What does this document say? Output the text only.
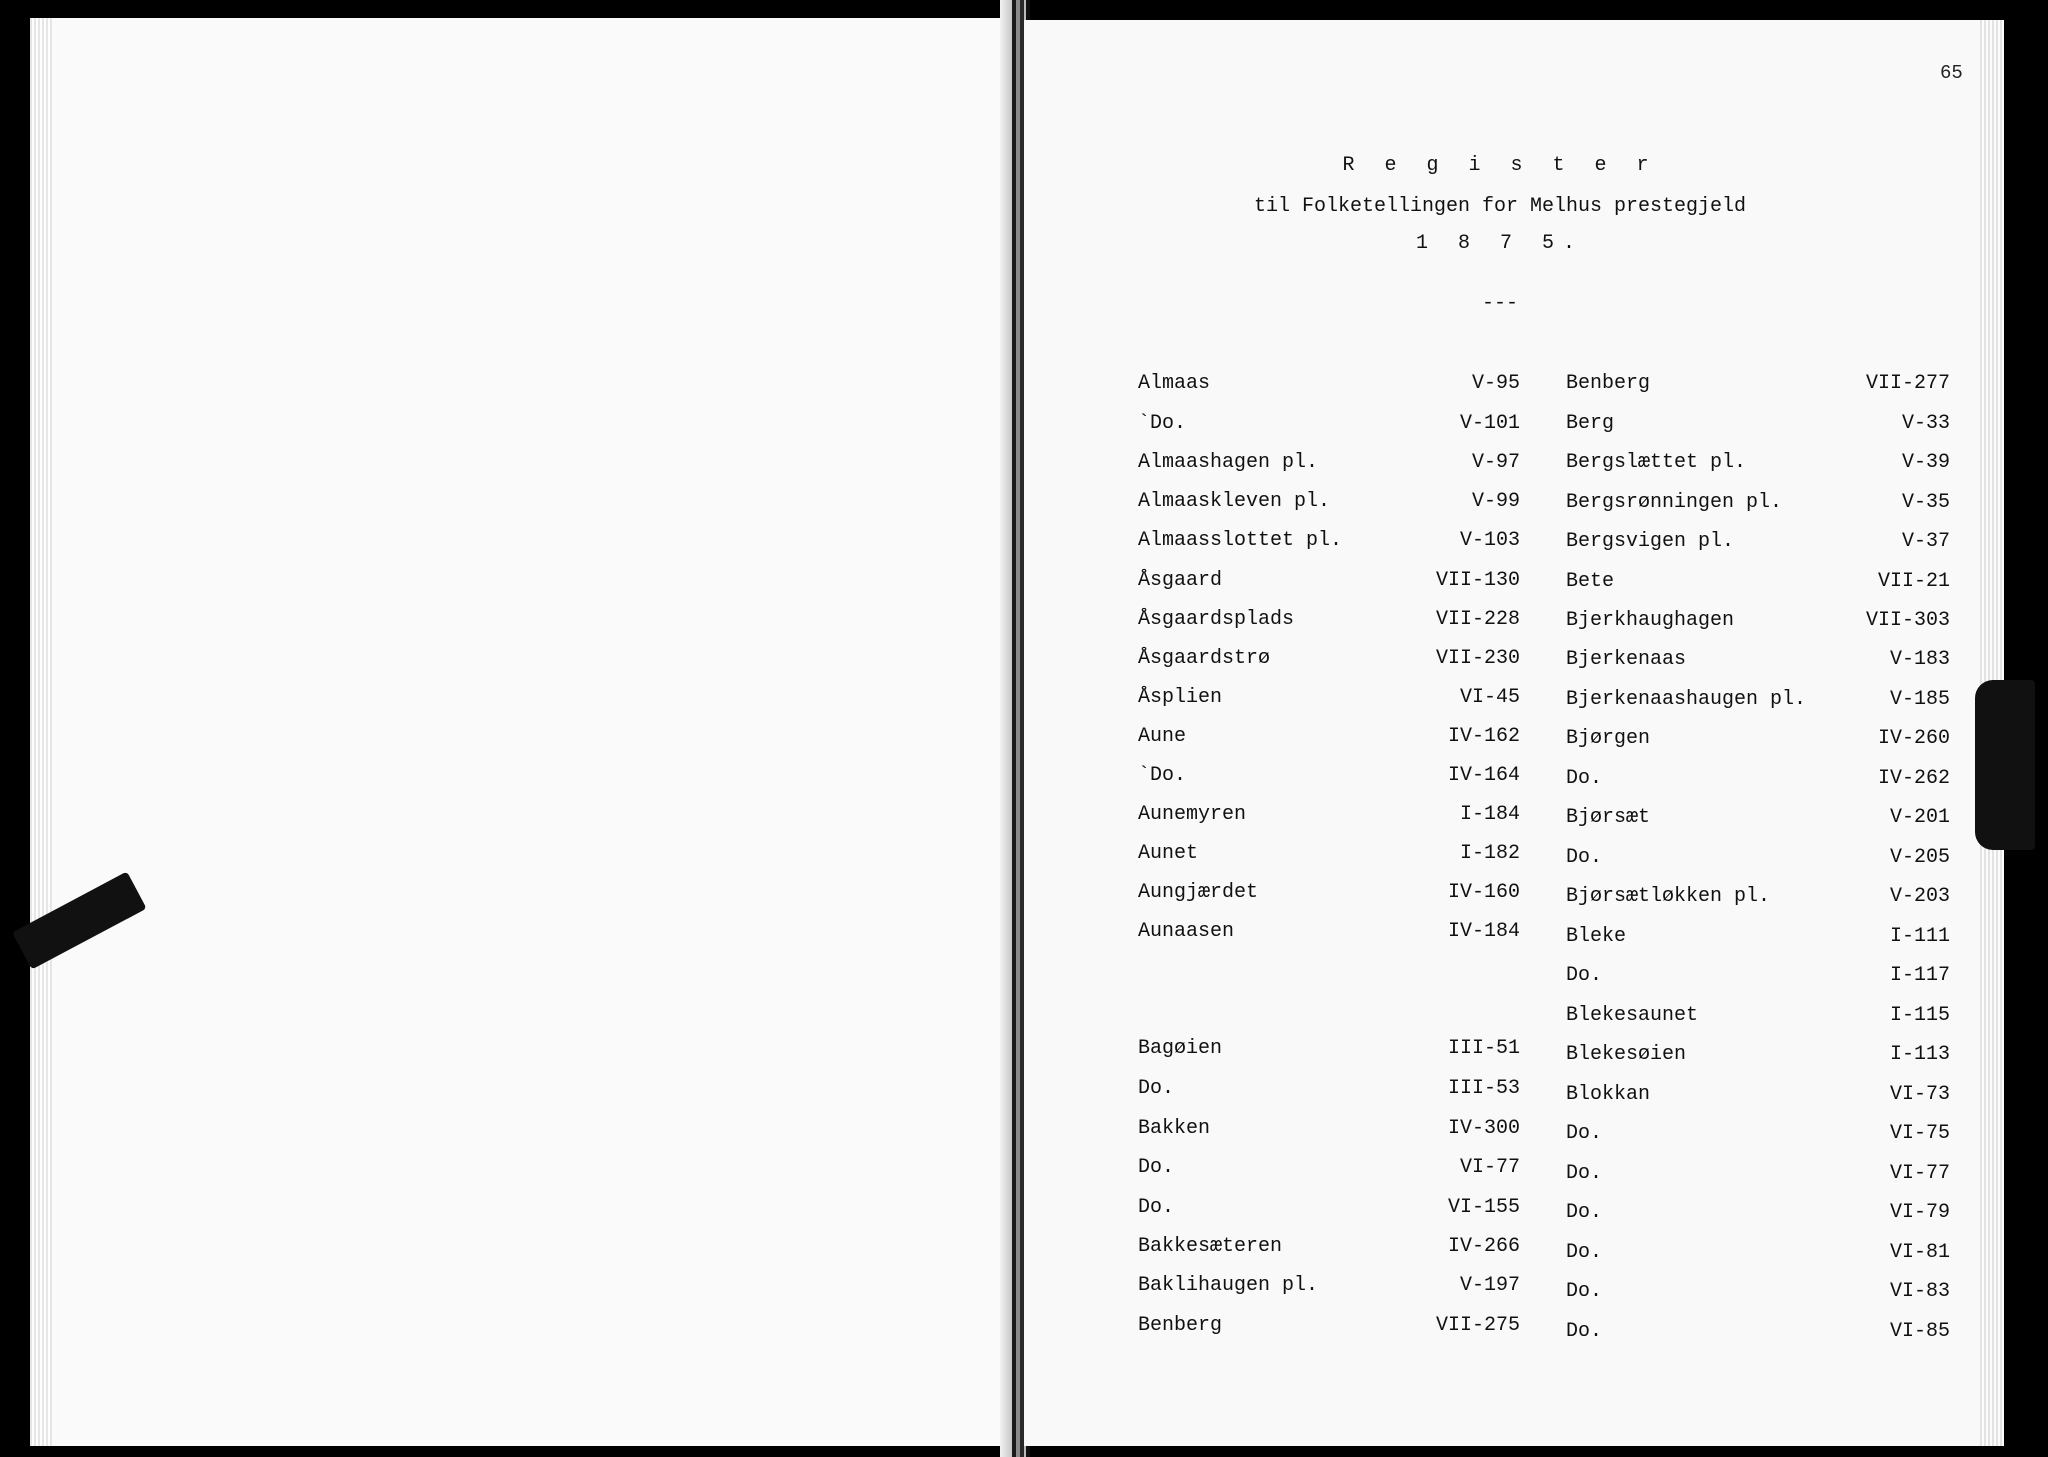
65
R e g i s t e r
til Folketellingen for Melhus prestegjeld
1 8 7 5.
---
Almaas	V-95
`Do.	V-101
Almaashagen pl.	V-97
Almaaskleven pl.	V-99
Almaasslottet pl.	V-103
Åsgaard	VII-130
Åsgaardsplads	VII-228
Åsgaardstrø	VII-230
Åsplien	VI-45
Aune	IV-162
`Do.	IV-164
Aunemyren	I-184
Aunet	I-182
Aungjærdet	IV-160
Aunaasen	IV-184
Bagøien	III-51
Do.	III-53
Bakken	IV-300
Do.	VI-77
Do.	VI-155
Bakkesæteren	IV-266
Baklihaugen pl.	V-197
Benberg	VII-275
Benberg	VII-277
Berg	V-33
Bergslættet pl.	V-39
Bergsrønningen pl.	V-35
Bergsvigen pl.	V-37
Bete	VII-21
Bjerkhaughagen	VII-303
Bjerkenaas	V-183
Bjerkenaashaugen pl.	V-185
Bjørgen	IV-260
Do.	IV-262
Bjørsæt	V-201
Do.	V-205
Bjørsætløkken pl.	V-203
Bleke	I-111
Do.	I-117
Blekesaunet	I-115
Blekesøien	I-113
Blokkan	VI-73
Do.	VI-75
Do.	VI-77
Do.	VI-79
Do.	VI-81
Do.	VI-83
Do.	VI-85
